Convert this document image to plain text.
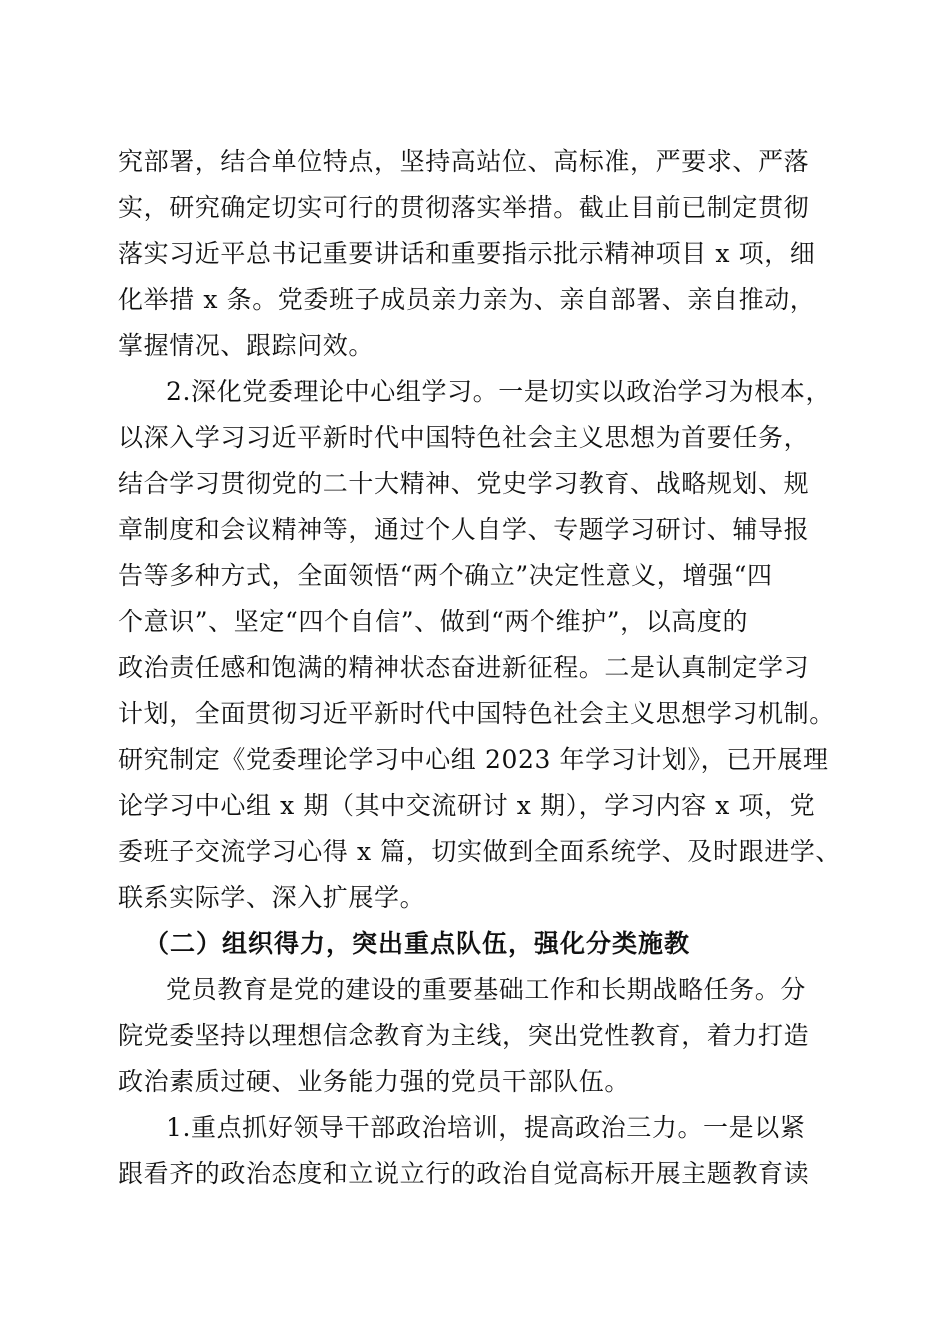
究部署，结合单位特点，坚持高站位、高标准，严要求、严落
实，研究确定切实可行的贯彻落实举措。截止目前已制定贯彻
落实习近平总书记重要讲话和重要指示批示精神项目 x 项，细
化举措 x 条。党委班子成员亲力亲为、亲自部署、亲自推动，
掌握情况、跟踪问效。
2.深化党委理论中心组学习。一是切实以政治学习为根本，
以深入学习习近平新时代中国特色社会主义思想为首要任务，
结合学习贯彻党的二十大精神、党史学习教育、战略规划、规
章制度和会议精神等，通过个人自学、专题学习研讨、辅导报
告等多种方式，全面领悟“两个确立”决定性意义，增强“四
个意识”、坚定“四个自信”、做到“两个维护”，以高度的
政治责任感和饱满的精神状态奋进新征程。二是认真制定学习
计划，全面贯彻习近平新时代中国特色社会主义思想学习机制。
研究制定《党委理论学习中心组 2023 年学习计划》，已开展理
论学习中心组 x 期（其中交流研讨 x 期），学习内容 x 项，党
委班子交流学习心得 x 篇，切实做到全面系统学、及时跟进学、
联系实际学、深入扩展学。
（二）组织得力，突出重点队伍，强化分类施教
党员教育是党的建设的重要基础工作和长期战略任务。分
院党委坚持以理想信念教育为主线，突出党性教育，着力打造
政治素质过硬、业务能力强的党员干部队伍。
1.重点抓好领导干部政治培训，提高政治三力。一是以紧
跟看齐的政治态度和立说立行的政治自觉高标开展主题教育读
